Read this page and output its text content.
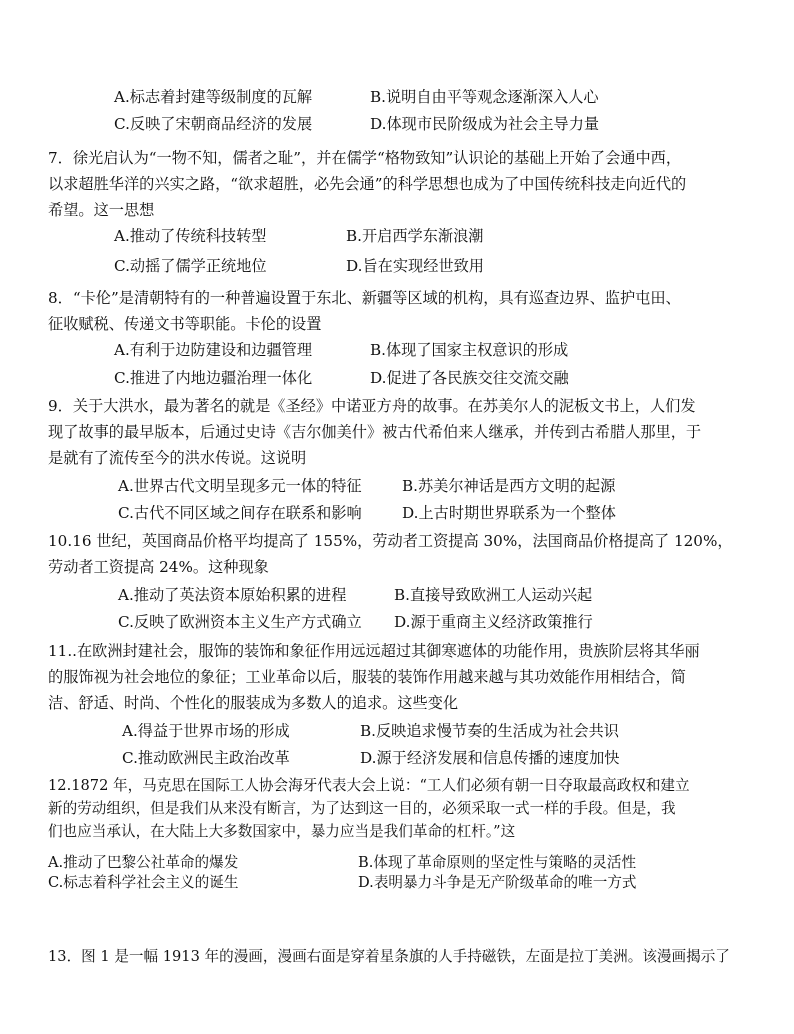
A.标志着封建等级制度的瓦解	B.说明自由平等观念逐渐深入人心
C.反映了宋朝商品经济的发展	D.体现市民阶级成为社会主导力量
7．徐光启认为“一物不知，儒者之耻”，并在儒学“格物致知”认识论的基础上开始了会通中西，
以求超胜华洋的兴实之路，“欲求超胜，必先会通”的科学思想也成为了中国传统科技走向近代的
希望。这一思想
A.推动了传统科技转型	B.开启西学东渐浪潮
C.动摇了儒学正统地位	D.旨在实现经世致用
8．“卡伦”是清朝特有的一种普遍设置于东北、新疆等区域的机构，具有巡查边界、监护屯田、
征收赋税、传递文书等职能。卡伦的设置
A.有利于边防建设和边疆管理	B.体现了国家主权意识的形成
C.推进了内地边疆治理一体化	D.促进了各民族交往交流交融
9．关于大洪水，最为著名的就是《圣经》中诺亚方舟的故事。在苏美尔人的泥板文书上，人们发
现了故事的最早版本，后通过史诗《吉尔伽美什》被古代希伯来人继承，并传到古希腊人那里，于
是就有了流传至今的洪水传说。这说明
A.世界古代文明呈现多元一体的特征	B.苏美尔神话是西方文明的起源
C.古代不同区域之间存在联系和影响	D.上古时期世界联系为一个整体
10.16 世纪，英国商品价格平均提高了 155%，劳动者工资提高 30%，法国商品价格提高了 120%，
劳动者工资提高 24%。这种现象
A.推动了英法资本原始积累的进程	B.直接导致欧洲工人运动兴起
C.反映了欧洲资本主义生产方式确立 D.源于重商主义经济政策推行
11..在欧洲封建社会，服饰的装饰和象征作用远远超过其御寒遮体的功能作用，贵族阶层将其华丽
的服饰视为社会地位的象征；工业革命以后，服装的装饰作用越来越与其功效能作用相结合，简
洁、舒适、时尚、个性化的服装成为多数人的追求。这些变化
A.得益于世界市场的形成	B.反映追求慢节奏的生活成为社会共识
C.推动欧洲民主政治改革	D.源于经济发展和信息传播的速度加快
12.1872 年，马克思在国际工人协会海牙代表大会上说：“工人们必须有朝一日夺取最高政权和建立
新的劳动组织，但是我们从来没有断言，为了达到这一目的，必须采取一式一样的手段。但是，我
们也应当承认，在大陆上大多数国家中，暴力应当是我们革命的杠杆。”这
A.推动了巴黎公社革命的爆发	B.体现了革命原则的坚定性与策略的灵活性
C.标志着科学社会主义的诞生	D.表明暴力斗争是无产阶级革命的唯一方式
13．图 1 是一幅 1913 年的漫画，漫画右面是穿着星条旗的人手持磁铁，左面是拉丁美洲。该漫画揭示了
